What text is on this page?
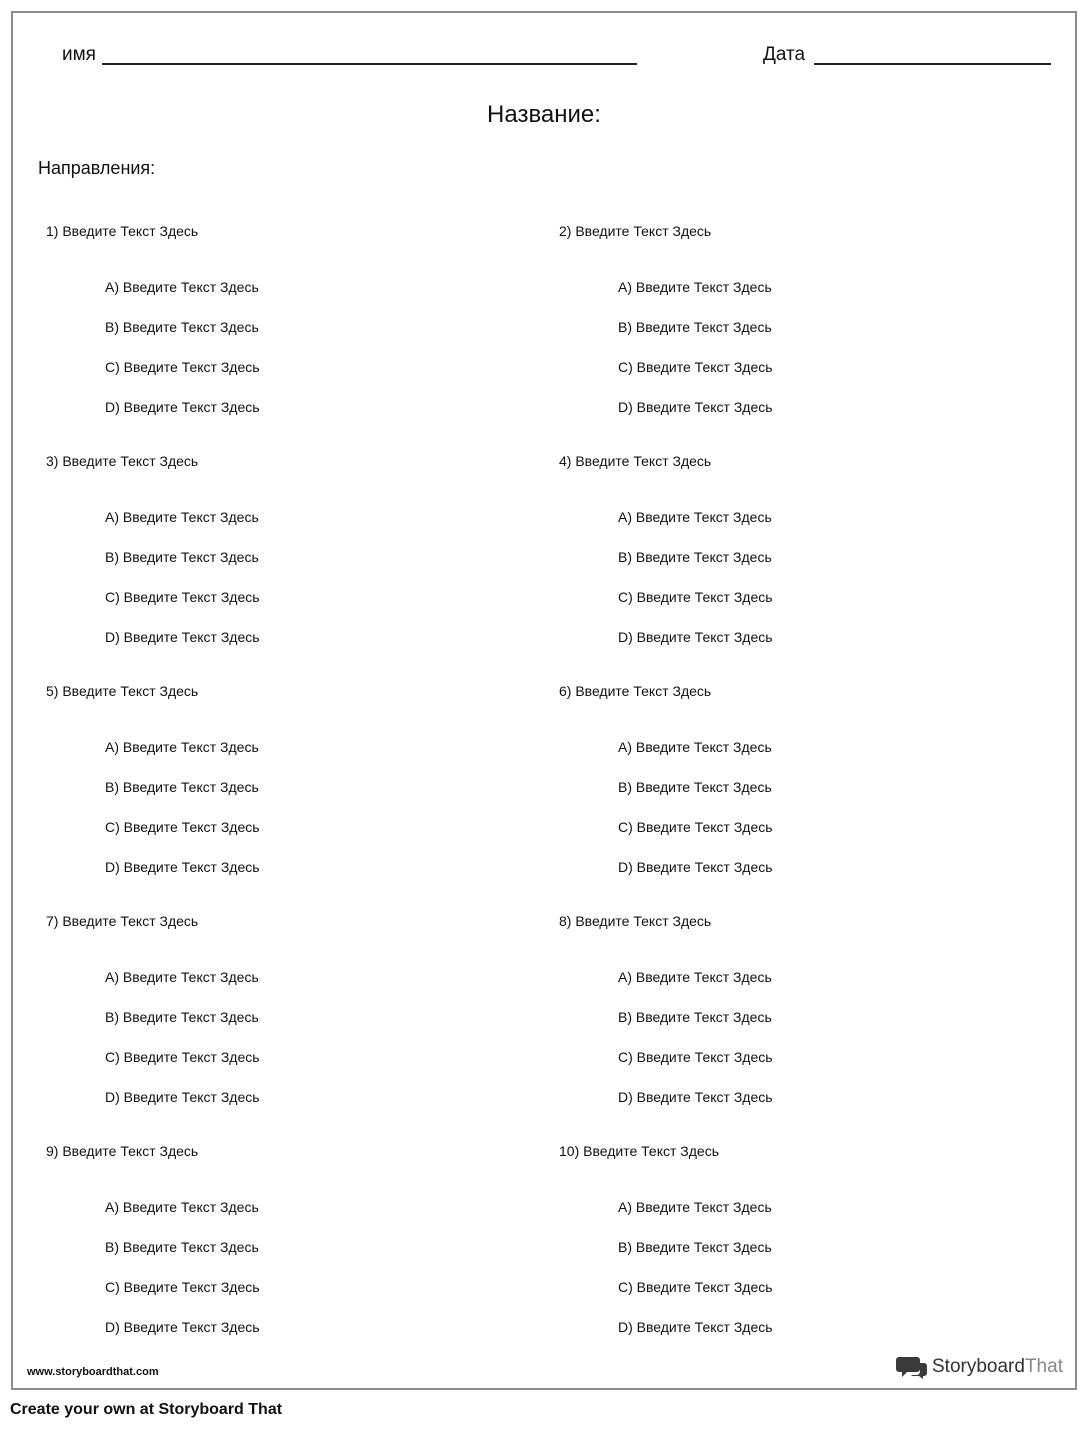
имя	Дата
Название:
Направления:
1) Введите Текст Здесь
A) Введите Текст Здесь
B) Введите Текст Здесь
C) Введите Текст Здесь
D) Введите Текст Здесь
2) Введите Текст Здесь
A) Введите Текст Здесь
B) Введите Текст Здесь
C) Введите Текст Здесь
D) Введите Текст Здесь
3) Введите Текст Здесь
A) Введите Текст Здесь
B) Введите Текст Здесь
C) Введите Текст Здесь
D) Введите Текст Здесь
4) Введите Текст Здесь
A) Введите Текст Здесь
B) Введите Текст Здесь
C) Введите Текст Здесь
D) Введите Текст Здесь
5) Введите Текст Здесь
A) Введите Текст Здесь
B) Введите Текст Здесь
C) Введите Текст Здесь
D) Введите Текст Здесь
6) Введите Текст Здесь
A) Введите Текст Здесь
B) Введите Текст Здесь
C) Введите Текст Здесь
D) Введите Текст Здесь
7) Введите Текст Здесь
A) Введите Текст Здесь
B) Введите Текст Здесь
C) Введите Текст Здесь
D) Введите Текст Здесь
8) Введите Текст Здесь
A) Введите Текст Здесь
B) Введите Текст Здесь
C) Введите Текст Здесь
D) Введите Текст Здесь
9) Введите Текст Здесь
A) Введите Текст Здесь
B) Введите Текст Здесь
C) Введите Текст Здесь
D) Введите Текст Здесь
10) Введите Текст Здесь
A) Введите Текст Здесь
B) Введите Текст Здесь
C) Введите Текст Здесь
D) Введите Текст Здесь
www.storyboardthat.com	StoryboardThat
Create your own at Storyboard That
